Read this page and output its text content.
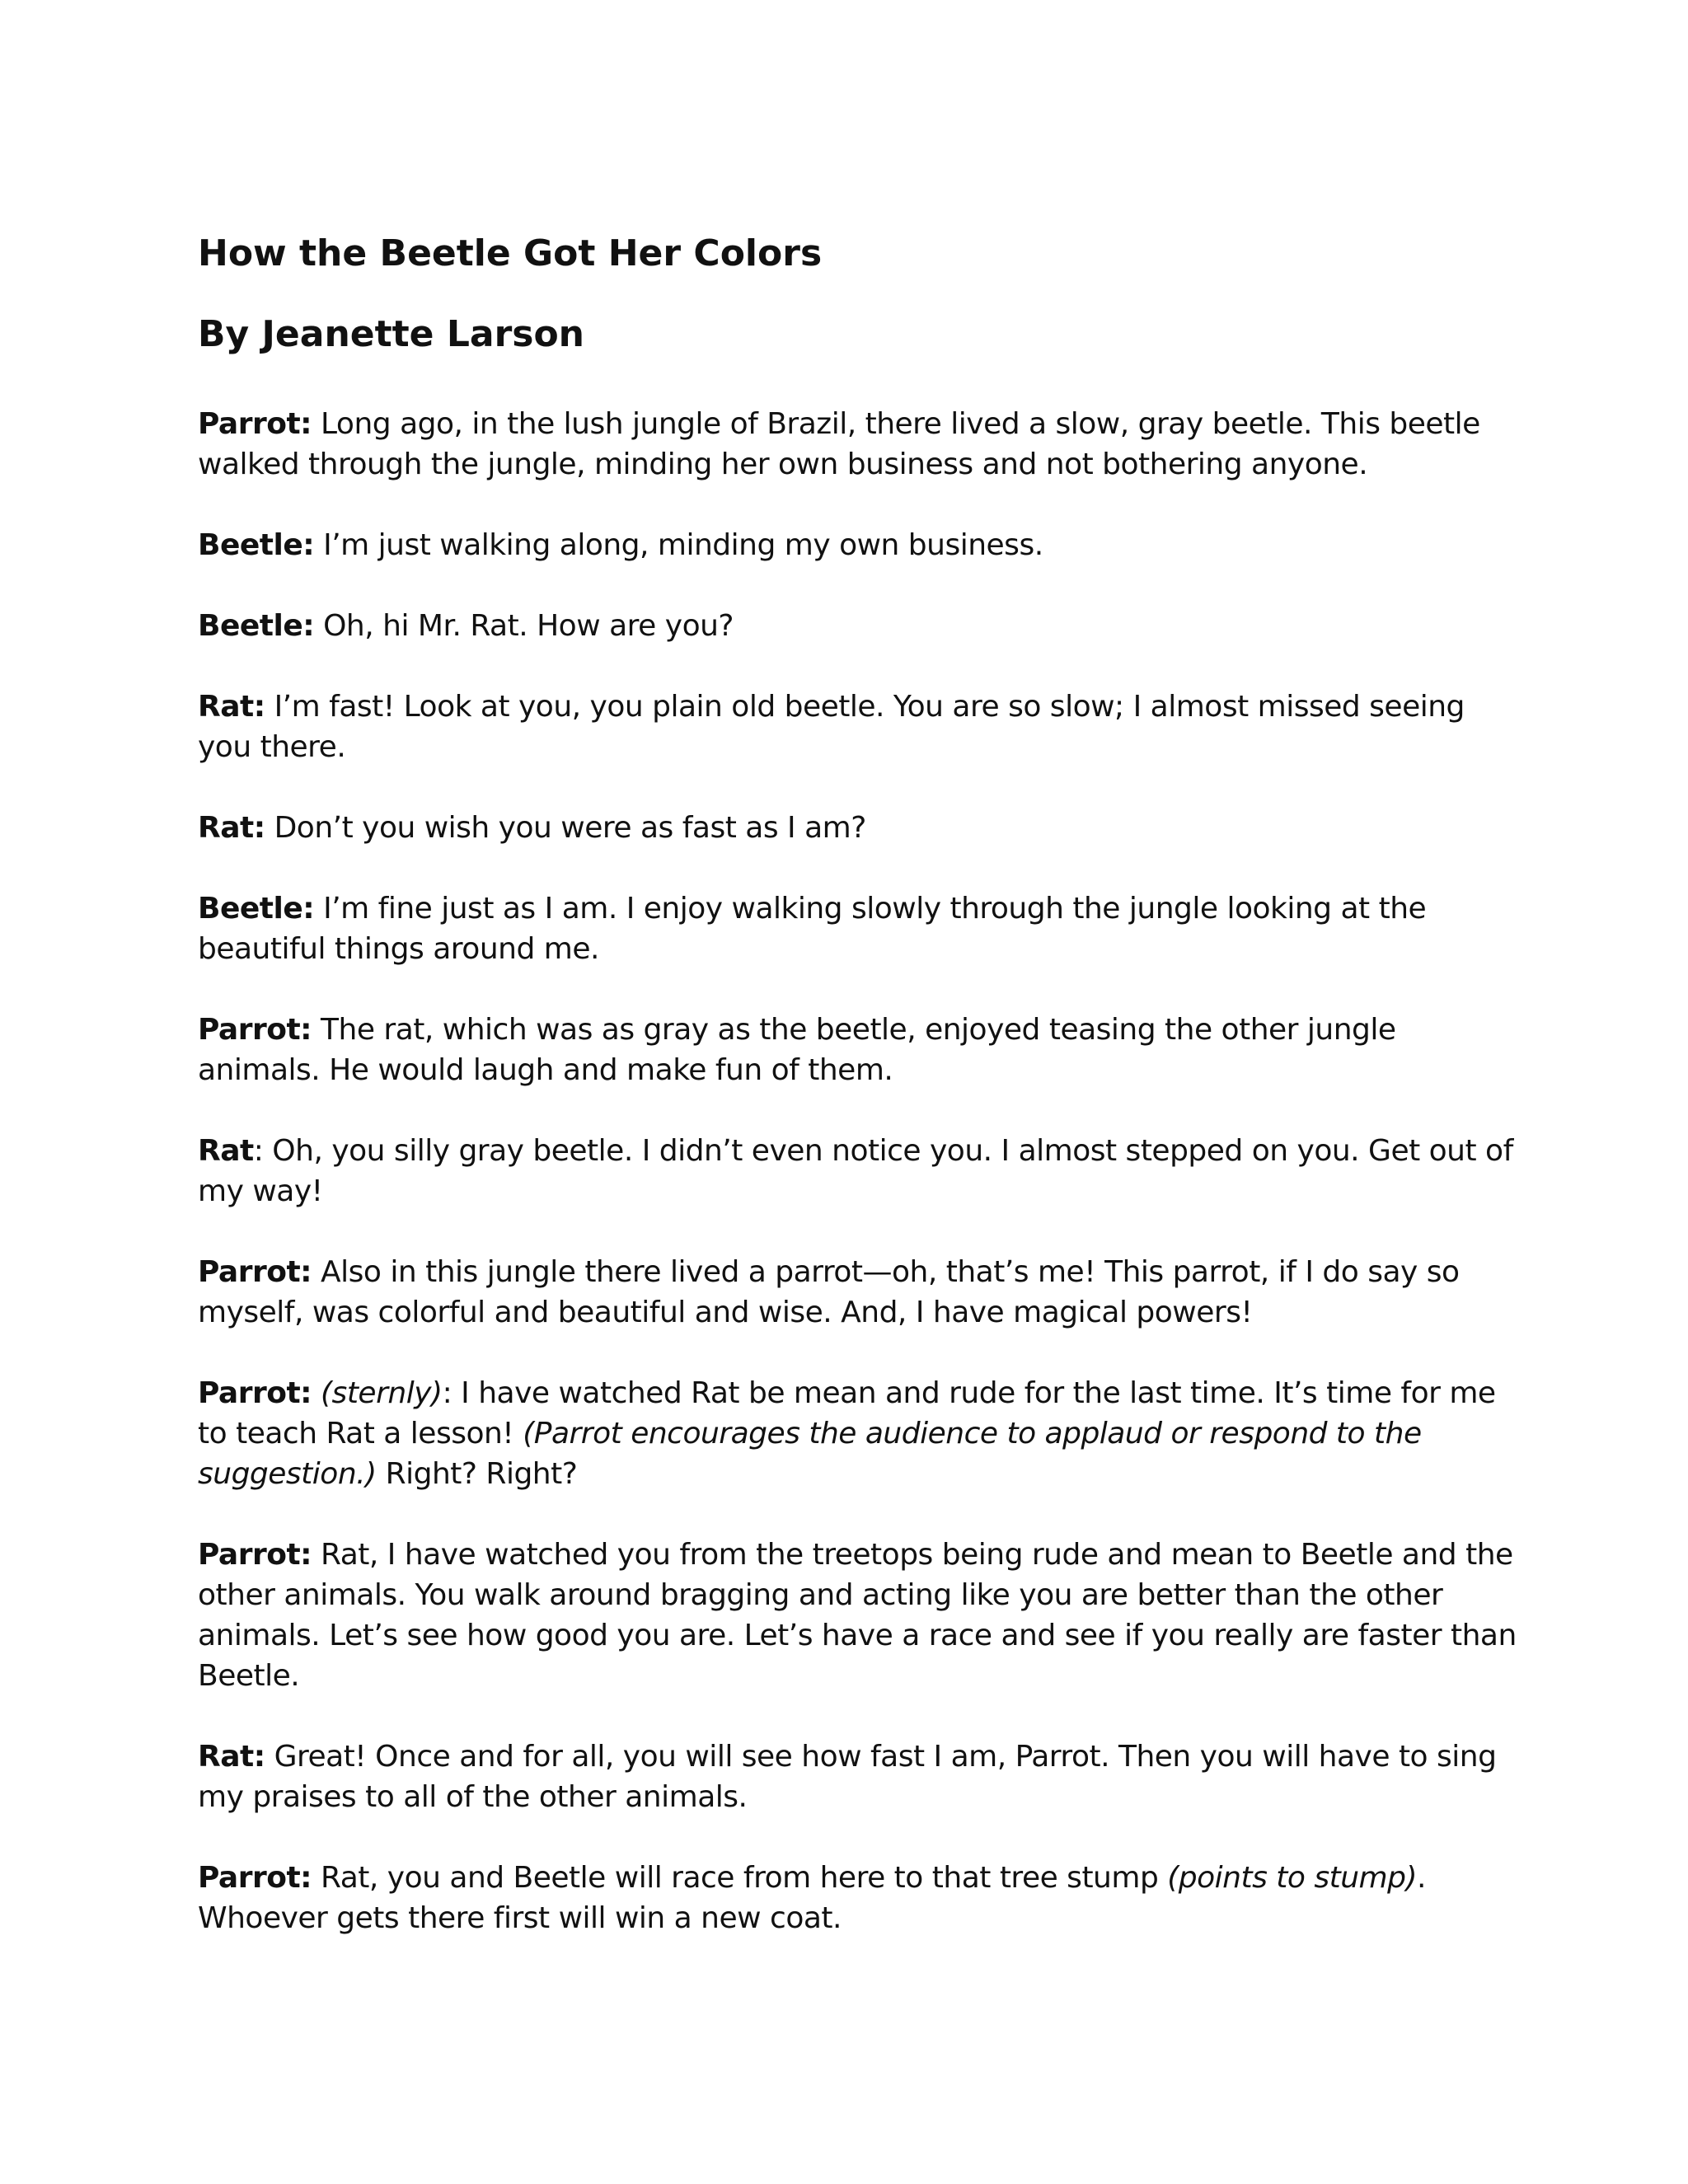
How the Beetle Got Her Colors
By Jeanette Larson

Parrot: Long ago, in the lush jungle of Brazil, there lived a slow, gray beetle. This beetle walked through the jungle, minding her own business and not bothering anyone.

Beetle: I’m just walking along, minding my own business.

Beetle: Oh, hi Mr. Rat. How are you?

Rat: I’m fast! Look at you, you plain old beetle. You are so slow; I almost missed seeing you there.

Rat: Don’t you wish you were as fast as I am?

Beetle: I’m fine just as I am. I enjoy walking slowly through the jungle looking at the beautiful things around me.

Parrot: The rat, which was as gray as the beetle, enjoyed teasing the other jungle animals. He would laugh and make fun of them.

Rat: Oh, you silly gray beetle. I didn’t even notice you. I almost stepped on you. Get out of my way!

Parrot: Also in this jungle there lived a parrot—oh, that’s me! This parrot, if I do say so myself, was colorful and beautiful and wise. And, I have magical powers!

Parrot: (sternly): I have watched Rat be mean and rude for the last time. It’s time for me to teach Rat a lesson! (Parrot encourages the audience to applaud or respond to the suggestion.) Right? Right?

Parrot: Rat, I have watched you from the treetops being rude and mean to Beetle and the other animals. You walk around bragging and acting like you are better than the other animals. Let’s see how good you are. Let’s have a race and see if you really are faster than Beetle.

Rat: Great! Once and for all, you will see how fast I am, Parrot. Then you will have to sing my praises to all of the other animals.

Parrot: Rat, you and Beetle will race from here to that tree stump (points to stump). Whoever gets there first will win a new coat.
